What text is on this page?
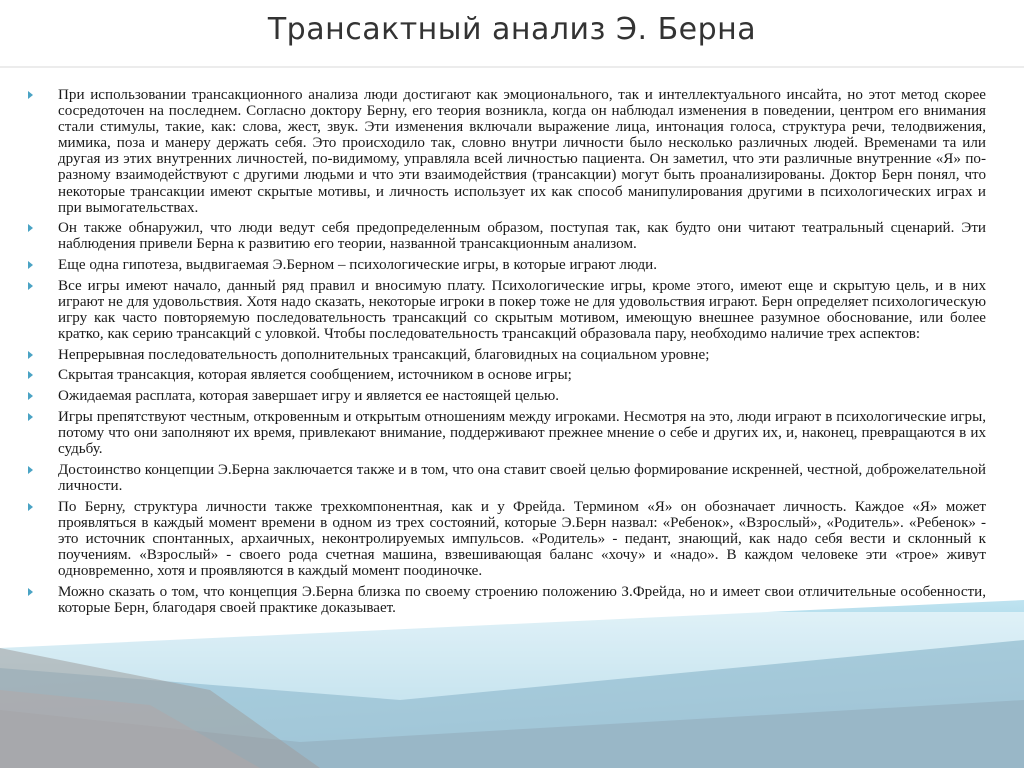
Трансактный анализ Э. Берна
При использовании трансакционного анализа люди достигают как эмоционального, так и интеллектуального инсайта, но этот метод скорее сосредоточен на последнем. Согласно доктору Берну, его теория возникла, когда он наблюдал изменения в поведении, центром его внимания стали стимулы, такие, как: слова, жест, звук. Эти изменения включали выражение лица, интонация голоса, структура речи, телодвижения, мимика, поза и манеру держать себя. Это происходило так, словно внутри личности было несколько различных людей. Временами та или другая из этих внутренних личностей, по-видимому, управляла всей личностью пациента. Он заметил, что эти различные внутренние «Я» по-разному взаимодействуют с другими людьми и что эти взаимодействия (трансакции) могут быть проанализированы. Доктор Берн понял, что некоторые трансакции имеют скрытые мотивы, и личность использует их как способ манипулирования другими в психологических играх и при вымогательствах.
Он также обнаружил, что люди ведут себя предопределенным образом, поступая так, как будто они читают театральный сценарий. Эти наблюдения привели Берна к развитию его теории, названной трансакционным анализом.
Еще одна гипотеза, выдвигаемая Э.Берном – психологические игры, в которые играют люди.
Все игры имеют начало, данный ряд правил и вносимую плату. Психологические игры, кроме этого, имеют еще и скрытую цель, и в них играют не для удовольствия. Хотя надо сказать, некоторые игроки в покер тоже не для удовольствия играют. Берн определяет психологическую игру как часто повторяемую последовательность трансакций со скрытым мотивом, имеющую внешнее разумное обоснование, или более кратко, как серию трансакций с уловкой. Чтобы последовательность трансакций образовала пару, необходимо наличие трех аспектов:
Непрерывная последовательность дополнительных трансакций, благовидных на социальном уровне;
Скрытая трансакция, которая является сообщением, источником в основе игры;
Ожидаемая расплата, которая завершает игру и является ее настоящей целью.
Игры препятствуют честным, откровенным и открытым отношениям между игроками. Несмотря на это, люди играют в психологические игры, потому что они заполняют их время, привлекают внимание, поддерживают прежнее мнение о себе и других их, и, наконец, превращаются в их судьбу.
Достоинство концепции Э.Берна заключается также и в том, что она ставит своей целью формирование искренней, честной, доброжелательной личности.
По Берну, структура личности также трехкомпонентная, как и у Фрейда. Термином «Я» он обозначает личность. Каждое «Я» может проявляться в каждый момент времени в одном из трех состояний, которые Э.Берн назвал: «Ребенок», «Взрослый», «Родитель». «Ребенок» - это источник спонтанных, архаичных, неконтролируемых импульсов. «Родитель» - педант, знающий, как надо себя вести и склонный к поучениям. «Взрослый» - своего рода счетная машина, взвешивающая баланс «хочу» и «надо». В каждом человеке эти «трое» живут одновременно, хотя и проявляются в каждый момент поодиночке.
Можно сказать о том, что концепция Э.Берна близка по своему строению положению З.Фрейда, но и имеет свои отличительные особенности, которые Берн, благодаря своей практике доказывает.
